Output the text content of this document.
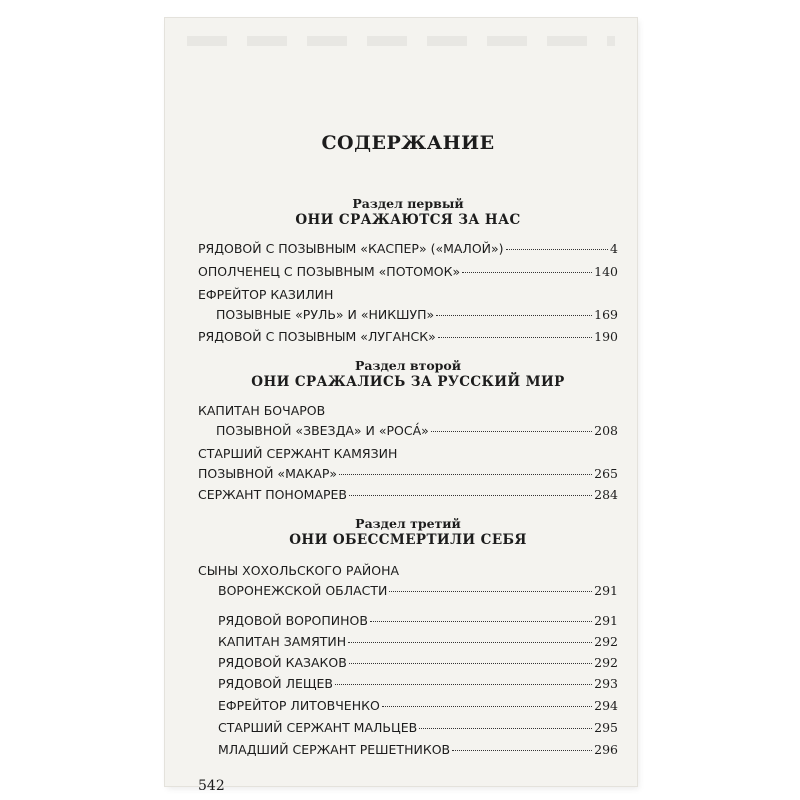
СОДЕРЖАНИЕ
Раздел первый
ОНИ СРАЖАЮТСЯ ЗА НАС
РЯДОВОЙ С ПОЗЫВНЫМ «КАСПЕР» («МАЛОЙ»)	4
ОПОЛЧЕНЕЦ С ПОЗЫВНЫМ «ПОТОМОК»	140
ЕФРЕЙТОР КАЗИЛИН
ПОЗЫВНЫЕ «РУЛЬ» И «НИКШУП»	169
РЯДОВОЙ С ПОЗЫВНЫМ «ЛУГАНСК»	190
Раздел второй
ОНИ СРАЖАЛИСЬ ЗА РУССКИЙ МИР
КАПИТАН БОЧАРОВ
ПОЗЫВНОЙ «ЗВЕЗДА» И «РОСА́»	208
СТАРШИЙ СЕРЖАНТ КАМЯЗИН
ПОЗЫВНОЙ «МАКАР»	265
СЕРЖАНТ ПОНОМАРЕВ	284
Раздел третий
ОНИ ОБЕССМЕРТИЛИ СЕБЯ
СЫНЫ ХОХОЛЬСКОГО РАЙОНА
ВОРОНЕЖСКОЙ ОБЛАСТИ	291
РЯДОВОЙ ВОРОПИНОВ	291
КАПИТАН ЗАМЯТИН	292
РЯДОВОЙ КАЗАКОВ	292
РЯДОВОЙ ЛЕЩЕВ	293
ЕФРЕЙТОР ЛИТОВЧЕНКО	294
СТАРШИЙ СЕРЖАНТ МАЛЬЦЕВ	295
МЛАДШИЙ СЕРЖАНТ РЕШЕТНИКОВ	296
542
